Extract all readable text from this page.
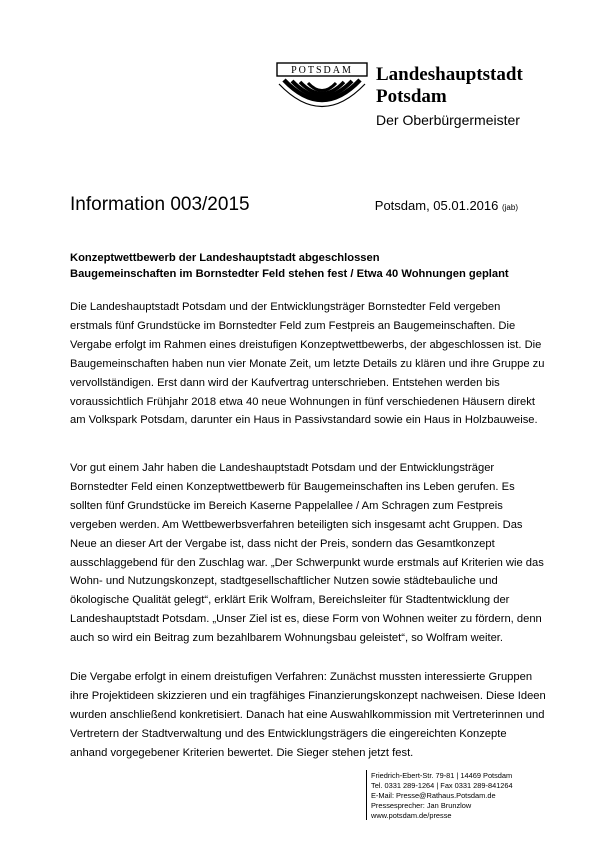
POTSDAM Landeshauptstadt
Potsdam
Der Oberbürgermeister
Information 003/2015	Potsdam, 05.01.2016 (jab)
Konzeptwettbewerb der Landeshauptstadt abgeschlossen
Baugemeinschaften im Bornstedter Feld stehen fest / Etwa 40 Wohnungen geplant
Die Landeshauptstadt Potsdam und der Entwicklungsträger Bornstedter Feld vergeben
erstmals fünf Grundstücke im Bornstedter Feld zum Festpreis an Baugemeinschaften. Die
Vergabe erfolgt im Rahmen eines dreistufigen Konzeptwettbewerbs, der abgeschlossen ist. Die
Baugemeinschaften haben nun vier Monate Zeit, um letzte Details zu klären und ihre Gruppe zu
vervollständigen. Erst dann wird der Kaufvertrag unterschrieben. Entstehen werden bis
voraussichtlich Frühjahr 2018 etwa 40 neue Wohnungen in fünf verschiedenen Häusern direkt
am Volkspark Potsdam, darunter ein Haus in Passivstandard sowie ein Haus in Holzbauweise.
Vor gut einem Jahr haben die Landeshauptstadt Potsdam und der Entwicklungsträger
Bornstedter Feld einen Konzeptwettbewerb für Baugemeinschaften ins Leben gerufen. Es
sollten fünf Grundstücke im Bereich Kaserne Pappelallee / Am Schragen zum Festpreis
vergeben werden. Am Wettbewerbsverfahren beteiligten sich insgesamt acht Gruppen. Das
Neue an dieser Art der Vergabe ist, dass nicht der Preis, sondern das Gesamtkonzept
ausschlaggebend für den Zuschlag war. „Der Schwerpunkt wurde erstmals auf Kriterien wie das
Wohn- und Nutzungskonzept, stadtgesellschaftlicher Nutzen sowie städtebauliche und
ökologische Qualität gelegt“, erklärt Erik Wolfram, Bereichsleiter für Stadtentwicklung der
Landeshauptstadt Potsdam. „Unser Ziel ist es, diese Form von Wohnen weiter zu fördern, denn
auch so wird ein Beitrag zum bezahlbarem Wohnungsbau geleistet“, so Wolfram weiter.
Die Vergabe erfolgt in einem dreistufigen Verfahren: Zunächst mussten interessierte Gruppen
ihre Projektideen skizzieren und ein tragfähiges Finanzierungskonzept nachweisen. Diese Ideen
wurden anschließend konkretisiert. Danach hat eine Auswahlkommission mit Vertreterinnen und
Vertretern der Stadtverwaltung und des Entwicklungsträgers die eingereichten Konzepte
anhand vorgegebener Kriterien bewertet. Die Sieger stehen jetzt fest.
Friedrich-Ebert-Str. 79-81 | 14469 Potsdam
Tel. 0331 289-1264 | Fax 0331 289-841264
E-Mail: Presse@Rathaus.Potsdam.de
Pressesprecher: Jan Brunzlow
www.potsdam.de/presse
